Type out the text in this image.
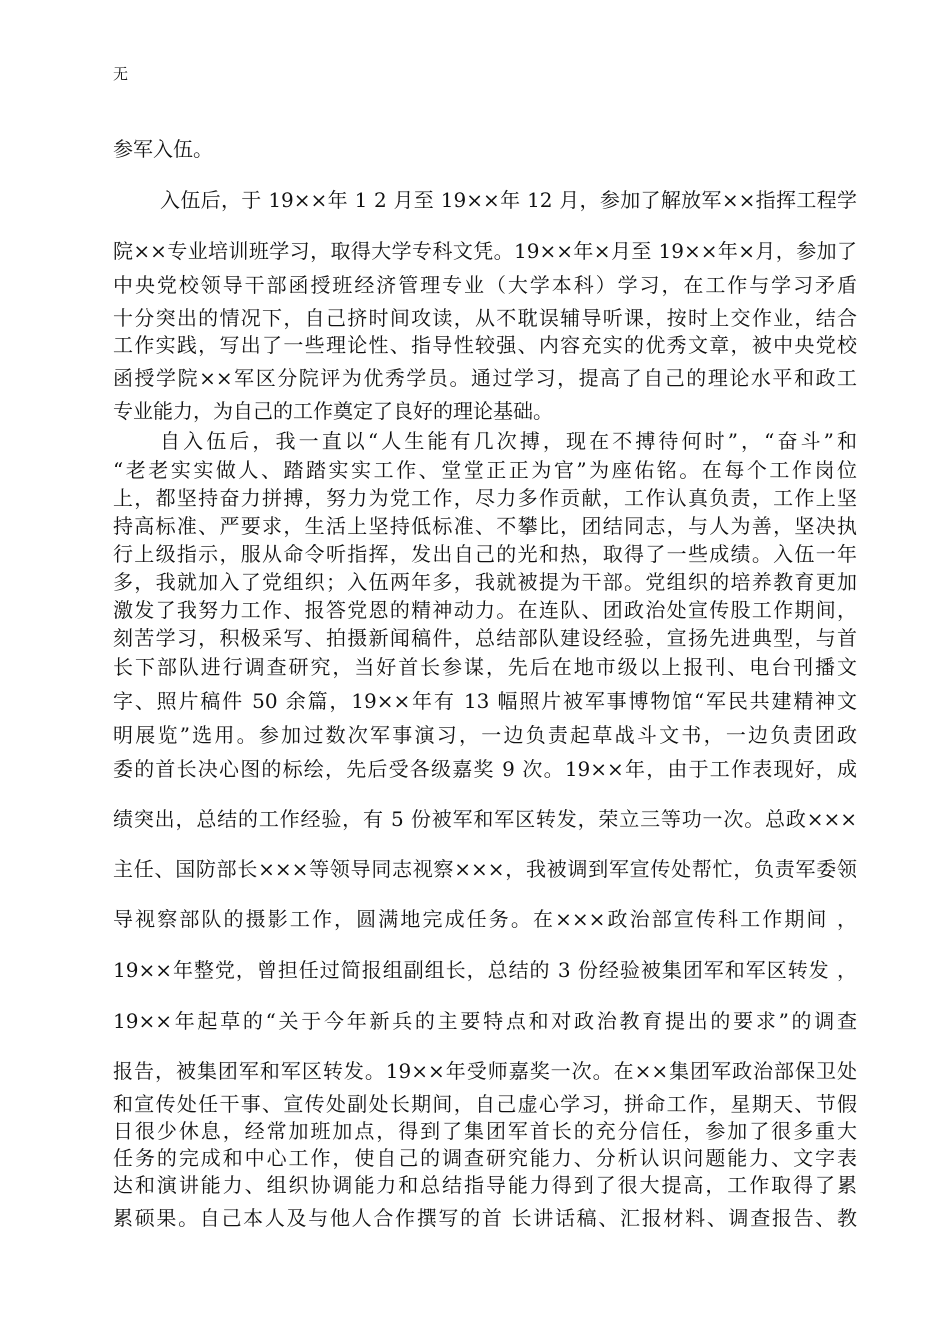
无
参军入伍。
入伍后，于 19××年 1 2 月至 19××年 12 月，参加了解放军××指挥工程学
院××专业培训班学习，取得大学专科文凭。19××年×月至 19××年×月，参加了
中央党校领导干部函授班经济管理专业（大学本科）学习，在工作与学习矛盾
十分突出的情况下，自己挤时间攻读，从不耽误辅导听课，按时上交作业，结合
工作实践，写出了一些理论性、指导性较强、内容充实的优秀文章，被中央党校
函授学院××军区分院评为优秀学员。通过学习，提高了自己的理论水平和政工
专业能力，为自己的工作奠定了良好的理论基础。
自入伍后，我一直以“人生能有几次搏，现在不搏待何时”，“奋斗”和
“老老实实做人、踏踏实实工作、堂堂正正为官”为座佑铭。在每个工作岗位
上，都坚持奋力拼搏，努力为党工作，尽力多作贡献，工作认真负责，工作上坚
持高标准、严要求，生活上坚持低标准、不攀比，团结同志，与人为善，坚决执
行上级指示，服从命令听指挥，发出自己的光和热，取得了一些成绩。入伍一年
多，我就加入了党组织；入伍两年多，我就被提为干部。党组织的培养教育更加
激发了我努力工作、报答党恩的精神动力。在连队、团政治处宣传股工作期间，
刻苦学习，积极采写、拍摄新闻稿件，总结部队建设经验，宣扬先进典型，与首
长下部队进行调查研究，当好首长参谋，先后在地市级以上报刊、电台刊播文
字、照片稿件 50 余篇，19××年有 13 幅照片被军事博物馆“军民共建精神文
明展览”选用。参加过数次军事演习，一边负责起草战斗文书，一边负责团政
委的首长决心图的标绘，先后受各级嘉奖 9 次。19××年，由于工作表现好，成
绩突出，总结的工作经验，有 5 份被军和军区转发，荣立三等功一次。总政×××
主任、国防部长×××等领导同志视察×××，我被调到军宣传处帮忙，负责军委领
导视察部队的摄影工作，圆满地完成任务。在×××政治部宣传科工作期间 ，
19××年整党，曾担任过简报组副组长，总结的 3 份经验被集团军和军区转发 ，
19××年起草的“关于今年新兵的主要特点和对政治教育提出的要求”的调查
报告，被集团军和军区转发。19××年受师嘉奖一次。在××集团军政治部保卫处
和宣传处任干事、宣传处副处长期间，自己虚心学习，拼命工作，星期天、节假
日很少休息，经常加班加点，得到了集团军首长的充分信任，参加了很多重大
任务的完成和中心工作，使自己的调查研究能力、分析认识问题能力、文字表
达和演讲能力、组织协调能力和总结指导能力得到了很大提高，工作取得了累
累硕果。自己本人及与他人合作撰写的首 长讲话稿、汇报材料、调查报告、教
